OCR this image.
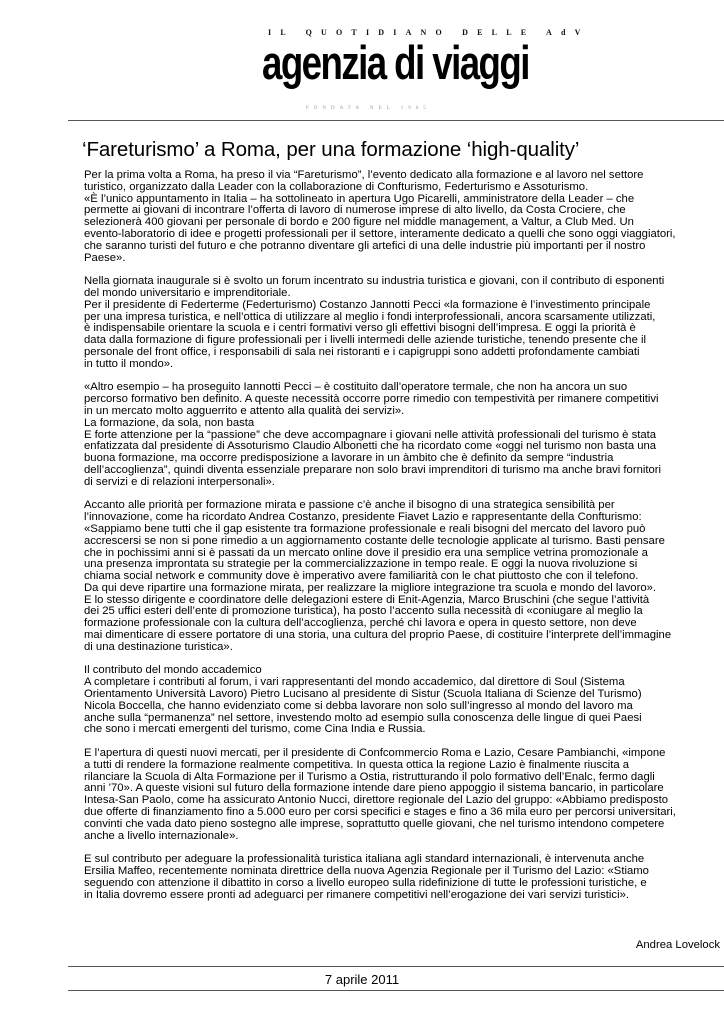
IL QUOTIDIANO DELLE AdV
agenzia di viaggi
FONDATA NEL 1965
‘Fareturismo’ a Roma, per una formazione ‘high-quality’

Per la prima volta a Roma, ha preso il via “Fareturismo”, l’evento dedicato alla formazione e al lavoro nel settore

turistico, organizzato dalla Leader con la collaborazione di Confturismo, Federturismo e Assoturismo.

«È l’unico appuntamento in Italia – ha sottolineato in apertura Ugo Picarelli, amministratore della Leader – che

permette ai giovani di incontrare l’offerta di lavoro di numerose imprese di alto livello, da Costa Crociere, che

selezionerà 400 giovani per personale di bordo e 200 figure nel middle management, a Valtur, a Club Med. Un

evento-laboratorio di idee e progetti professionali per il settore, interamente dedicato a quelli che sono oggi viaggiatori,

che saranno turisti del futuro e che potranno diventare gli artefici di una delle industrie più importanti per il nostro

Paese».

Nella giornata inaugurale si è svolto un forum incentrato su industria turistica e giovani, con il contributo di esponenti

del mondo universitario e imprenditoriale.

Per il presidente di Federterme (Federturismo) Costanzo Jannotti Pecci «la formazione è l’investimento principale

per una impresa turistica, e nell’ottica di utilizzare al meglio i fondi interprofessionali, ancora scarsamente utilizzati,

è indispensabile orientare la scuola e i centri formativi verso gli effettivi bisogni dell’impresa. E oggi la priorità è

data dalla formazione di figure professionali per i livelli intermedi delle aziende turistiche, tenendo presente che il

personale del front office, i responsabili di sala nei ristoranti e i capigruppi sono addetti profondamente cambiati

in tutto il mondo».

«Altro esempio – ha proseguito Iannotti Pecci – è costituito dall’operatore termale, che non ha ancora un suo

percorso formativo ben definito. A queste necessità occorre porre rimedio con tempestività per rimanere competitivi

in un mercato molto agguerrito e attento alla qualità dei servizi».

La formazione, da sola, non basta

E forte attenzione per la “passione” che deve accompagnare i giovani nelle attività professionali del turismo è stata

enfatizzata dal presidente di Assoturismo Claudio Albonetti che ha ricordato come «oggi nel turismo non basta una

buona formazione, ma occorre predisposizione a lavorare in un àmbito che è definito da sempre “industria

dell’accoglienza”, quindi diventa essenziale preparare non solo bravi imprenditori di turismo ma anche bravi fornitori

di servizi e di relazioni interpersonali».

Accanto alle priorità per formazione mirata e passione c’è anche il bisogno di una strategica sensibilità per

l’innovazione, come ha ricordato Andrea Costanzo, presidente Fiavet Lazio e rappresentante della Confturismo:

«Sappiamo bene tutti che il gap esistente tra formazione professionale e reali bisogni del mercato del lavoro può

accrescersi se non si pone rimedio a un aggiornamento costante delle tecnologie applicate al turismo. Basti pensare

che in pochissimi anni si è passati da un mercato online dove il presidio era una semplice vetrina promozionale a

una presenza improntata su strategie per la commercializzazione in tempo reale. E oggi la nuova rivoluzione si

chiama social network e community dove è imperativo avere familiarità con le chat piuttosto che con il telefono.

Da qui deve ripartire una formazione mirata, per realizzare la migliore integrazione tra scuola e mondo del lavoro».

E lo stesso dirigente e coordinatore delle delegazioni estere di Enit-Agenzia, Marco Bruschini (che segue l’attività

dei 25 uffici esteri dell’ente di promozione turistica), ha posto l’accento sulla necessità di «coniugare al meglio la

formazione professionale con la cultura dell’accoglienza, perché chi lavora e opera in questo settore, non deve

mai dimenticare di essere portatore di una storia, una cultura del proprio Paese, di costituire l’interprete dell’immagine

di una destinazione turistica».

Il contributo del mondo accademico

A completare i contributi al forum, i vari rappresentanti del mondo accademico, dal direttore di Soul (Sistema

Orientamento Università Lavoro) Pietro Lucisano al presidente di Sistur (Scuola Italiana di Scienze del Turismo)

Nicola Boccella, che hanno evidenziato come si debba lavorare non solo sull’ingresso al mondo del lavoro ma

anche sulla “permanenza” nel settore, investendo molto ad esempio sulla conoscenza delle lingue di quei Paesi

che sono i mercati emergenti del turismo, come Cina India e Russia.

E l’apertura di questi nuovi mercati, per il presidente di Confcommercio Roma e Lazio, Cesare Pambianchi, «impone

a tutti di rendere la formazione realmente competitiva. In questa ottica la regione Lazio è finalmente riuscita a

rilanciare la Scuola di Alta Formazione per il Turismo a Ostia, ristrutturando il polo formativo dell’Enalc, fermo dagli

anni ’70». A queste visioni sul futuro della formazione intende dare pieno appoggio il sistema bancario, in particolare

Intesa-San Paolo, come ha assicurato Antonio Nucci, direttore regionale del Lazio del gruppo: «Abbiamo predisposto

due offerte di finanziamento fino a 5.000 euro per corsi specifici e stages e fino a 36 mila euro per percorsi universitari,

convinti che vada dato pieno sostegno alle imprese, soprattutto quelle giovani, che nel turismo intendono competere

anche a livello internazionale».

E sul contributo per adeguare la professionalità turistica italiana agli standard internazionali, è intervenuta anche

Ersilia Maffeo, recentemente nominata direttrice della nuova Agenzia Regionale per il Turismo del Lazio: «Stiamo

seguendo con attenzione il dibattito in corso a livello europeo sulla ridefinizione di tutte le professioni turistiche, e

in Italia dovremo essere pronti ad adeguarci per rimanere competitivi nell’erogazione dei vari servizi turistici».

Andrea Lovelock
7 aprile 2011
